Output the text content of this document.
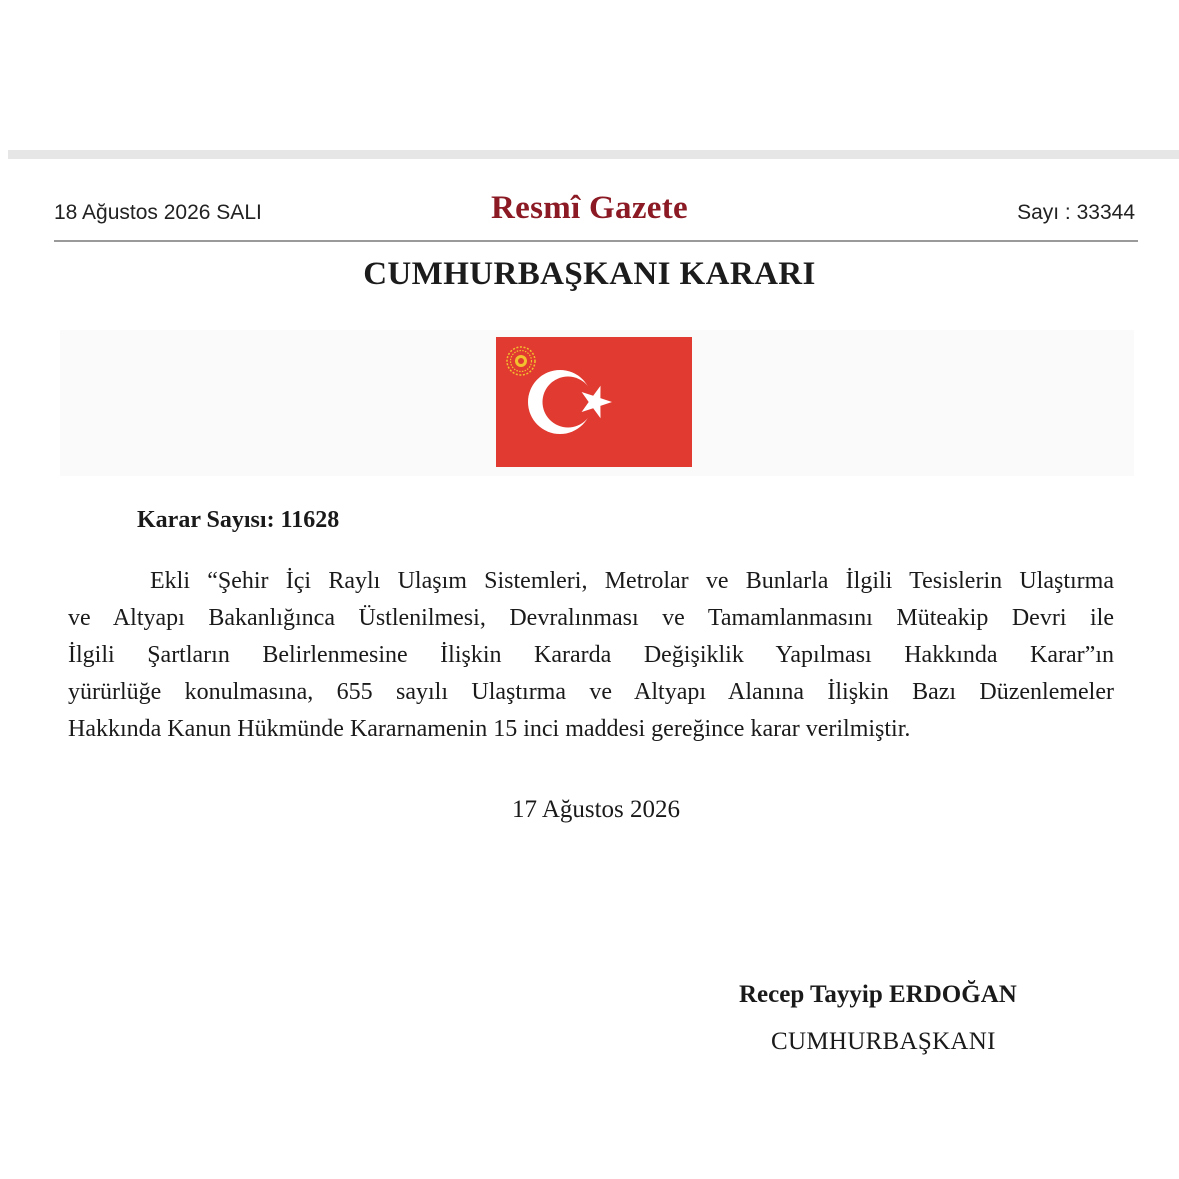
18 Ağustos 2026 SALI	Resmî Gazete	Sayı : 33344
CUMHURBAŞKANI KARARI
Karar Sayısı: 11628
Ekli “Şehir İçi Raylı Ulaşım Sistemleri, Metrolar ve Bunlarla İlgili Tesislerin Ulaştırma
ve Altyapı Bakanlığınca Üstlenilmesi, Devralınması ve Tamamlanmasını Müteakip Devri ile
İlgili Şartların Belirlenmesine İlişkin Kararda Değişiklik Yapılması Hakkında Karar”ın
yürürlüğe konulmasına, 655 sayılı Ulaştırma ve Altyapı Alanına İlişkin Bazı Düzenlemeler
Hakkında Kanun Hükmünde Kararnamenin 15 inci maddesi gereğince karar verilmiştir.
17 Ağustos 2026
Recep Tayyip ERDOĞAN
CUMHURBAŞKANI
